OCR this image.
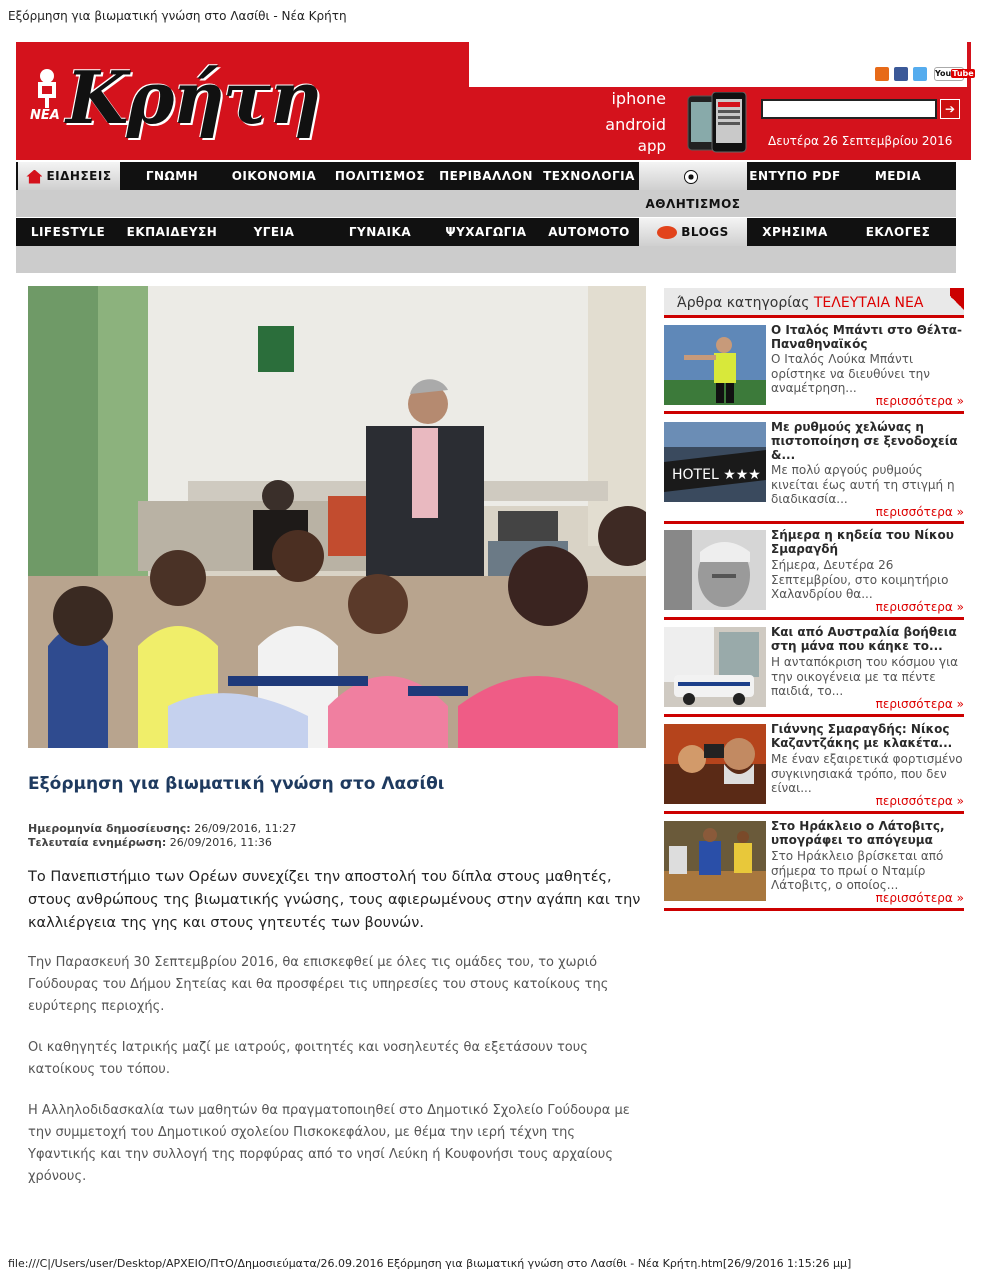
Εξόρμηση για βιωματική γνώση στο Λασίθι - Νέα Κρήτη
ΝΕΑ Κρήτη	YouTube
iphone
android
app
➔
Δευτέρα 26 Σεπτεμβρίου 2016
ΕΙΔΗΣΕΙΣ	ΓΝΩΜΗ	ΟΙΚΟΝΟΜΙΑ	ΠΟΛΙΤΙΣΜΟΣ	ΠΕΡΙΒΑΛΛΟΝ ΤΕΧΝΟΛΟΓΙΑ
ΑΘΛΗΤΙΣΜΟΣ
ΕΝΤΥΠΟ PDF	MEDIA
LIFESTYLE	ΕΚΠΑΙΔΕΥΣΗ	ΥΓΕΙΑ	ΓΥΝΑΙΚΑ	ΨΥΧΑΓΩΓΙΑ	AUTOMOTO	BLOGS	ΧΡΗΣΙΜΑ	ΕΚΛΟΓΕΣ
Εξόρμηση για βιωματική γνώση στο Λασίθι
Ημερομηνία δημοσίευσης: 26/09/2016, 11:27
Τελευταία ενημέρωση: 26/09/2016, 11:36
Το Πανεπιστήμιο των Ορέων συνεχίζει την αποστολή του δίπλα στους μαθητές, στους ανθρώπους της βιωματικής γνώσης, τους αφιερωμένους στην αγάπη και την καλλιέργεια της γης και στους γητευτές των βουνών.
Την Παρασκευή 30 Σεπτεμβρίου 2016, θα επισκεφθεί με όλες τις ομάδες του, το χωριό Γούδουρας του Δήμου Σητείας και θα προσφέρει τις υπηρεσίες του στους κατοίκους της ευρύτερης περιοχής.
Οι καθηγητές Ιατρικής μαζί με ιατρούς, φοιτητές και νοσηλευτές θα εξετάσουν τους κατοίκους του τόπου.
Η Αλληλοδιδασκαλία των μαθητών θα πραγματοποιηθεί στο Δημοτικό Σχολείο Γούδουρα με την συμμετοχή του Δημοτικού σχολείου Πισκοκεφάλου, με θέμα την ιερή τέχνη της Υφαντικής και την συλλογή της πορφύρας από το νησί Λεύκη ή Κουφονήσι τους αρχαίους χρόνους.
Άρθρα κατηγορίας ΤΕΛΕΥΤΑΙΑ ΝΕΑ
Ο Ιταλός Μπάντι στο Θέλτα-Παναθηναϊκός
Ο Ιταλός Λούκα Μπάντι ορίστηκε να διευθύνει την αναμέτρηση...
περισσότερα »
HOTEL ★★★
Με ρυθμούς χελώνας η πιστοποίηση σε ξενοδοχεία &...
Με πολύ αργούς ρυθμούς κινείται έως αυτή τη στιγμή η διαδικασία...
περισσότερα »
Σήμερα η κηδεία του Νίκου Σμαραγδή
Σήμερα, Δευτέρα 26 Σεπτεμβρίου, στο κοιμητήριο Χαλανδρίου θα...
περισσότερα »
Και από Αυστραλία βοήθεια στη μάνα που κάηκε το...
Η ανταπόκριση του κόσμου για την οικογένεια με τα πέντε παιδιά, το...
περισσότερα »
Γιάννης Σμαραγδής: Νίκος Καζαντζάκης με κλακέτα...
Με έναν εξαιρετικά φορτισμένο συγκινησιακά τρόπο, που δεν είναι...
περισσότερα »
Στο Ηράκλειο ο Λάτοβιτς, υπογράφει το απόγευμα
Στο Ηράκλειο βρίσκεται από σήμερα το πρωί ο Νταμίρ Λάτοβιτς, ο οποίος...
περισσότερα »
file:///C|/Users/user/Desktop/ΑΡΧΕΙΟ/ΠτΟ/Δημοσιεύματα/26.09.2016 Εξόρμηση για βιωματική γνώση στο Λασίθι - Νέα Κρήτη.htm[26/9/2016 1:15:26 μμ]
